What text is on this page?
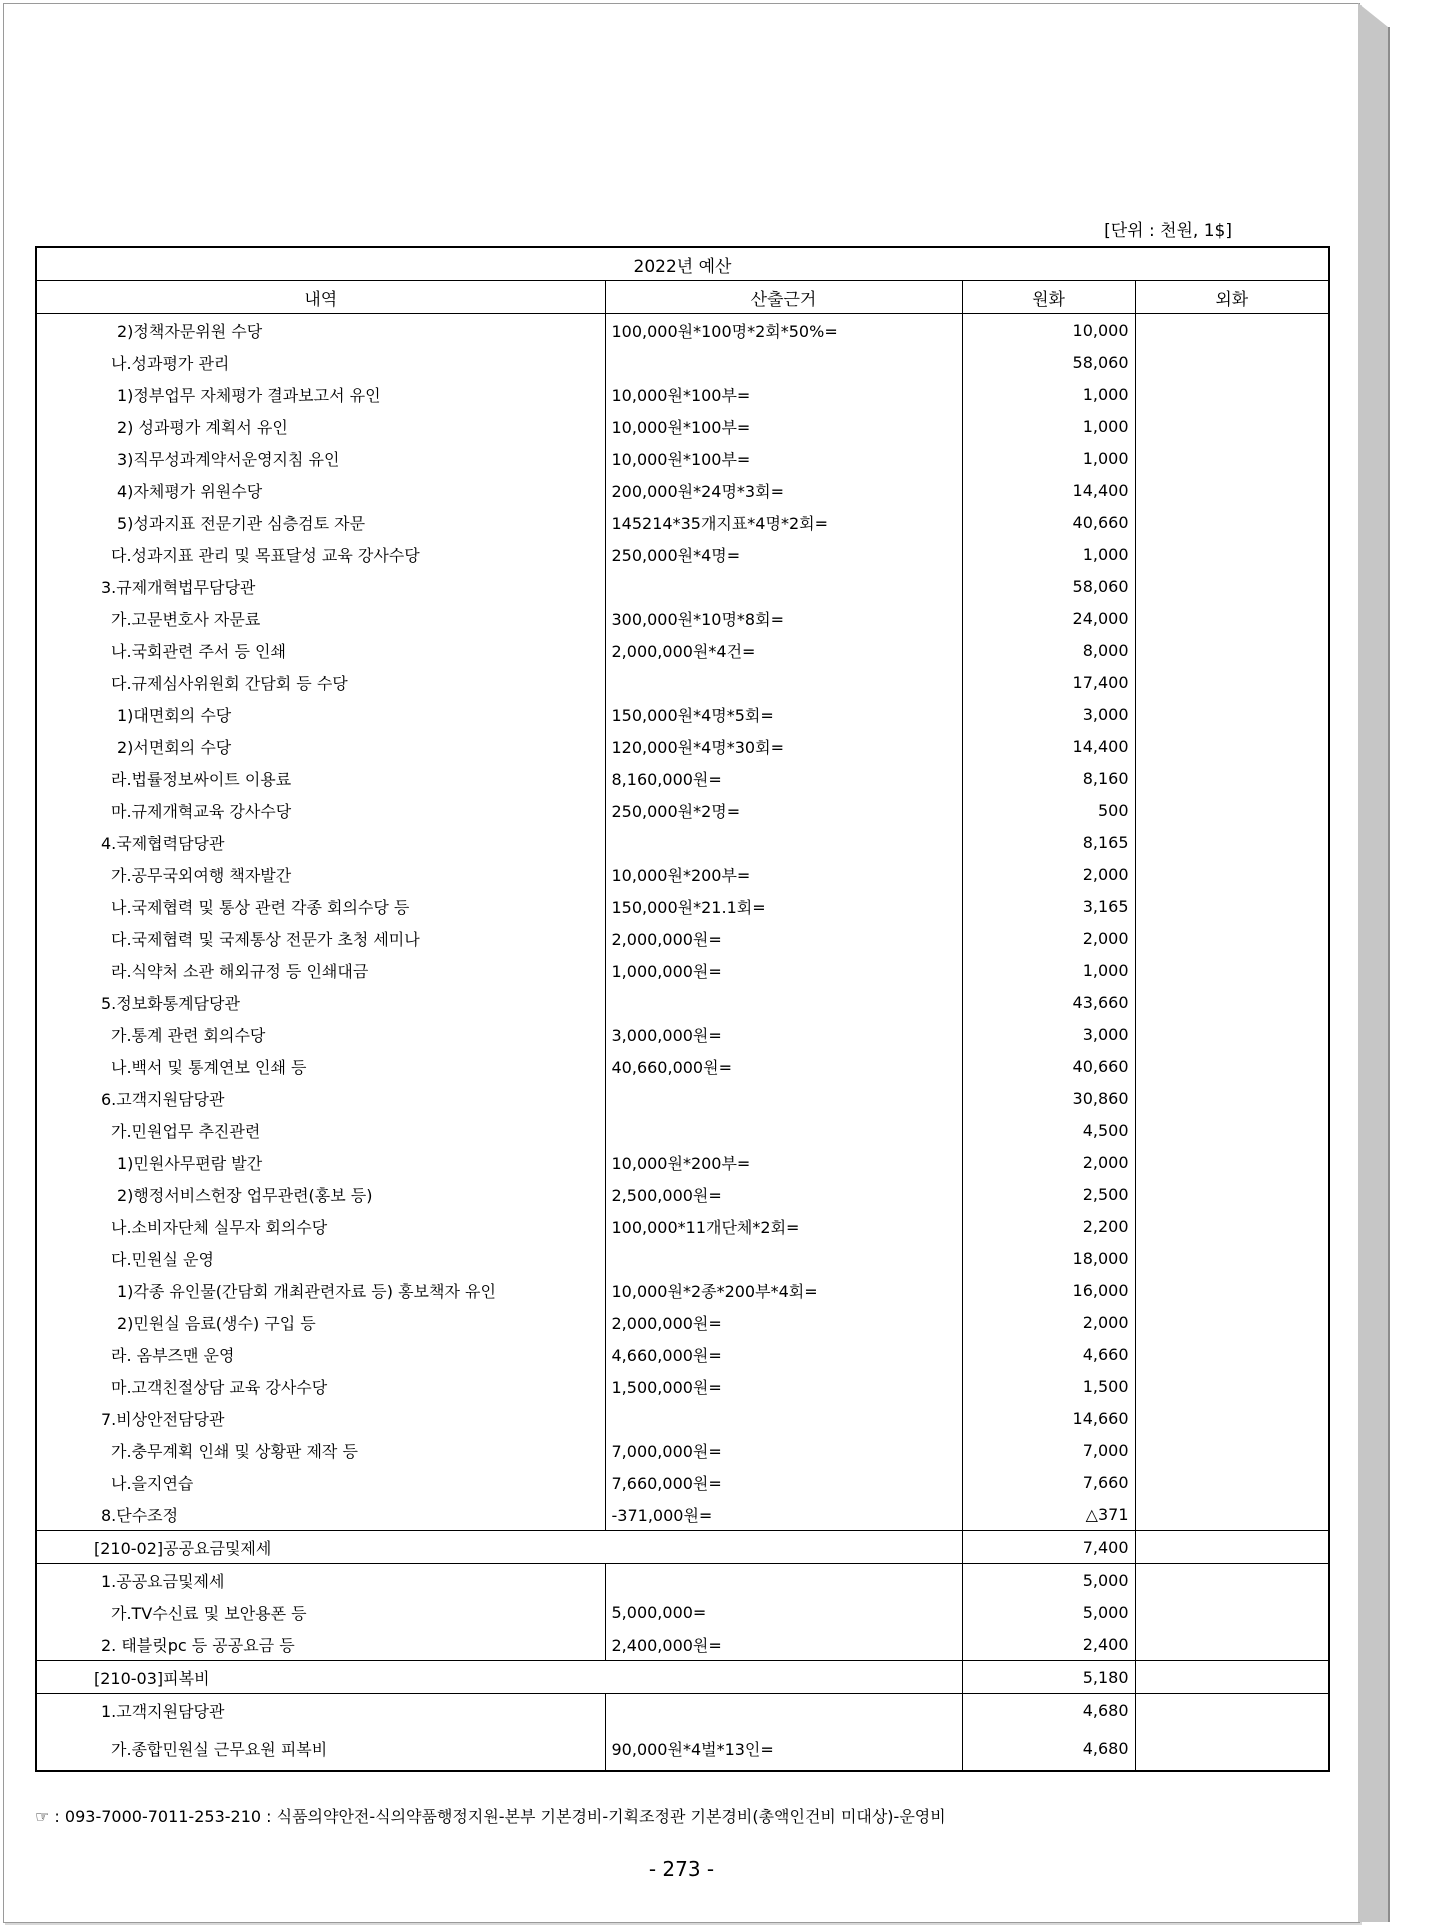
[단위 : 천원, 1$]
2022년 예산			
내역	산출근거	원화	외화
2)정책자문위원 수당	100,000원*100명*2회*50%=	10,000	
나.성과평가 관리		58,060	
1)정부업무 자체평가 결과보고서 유인	10,000원*100부=	1,000	
2) 성과평가 계획서 유인	10,000원*100부=	1,000	
3)직무성과계약서운영지침 유인	10,000원*100부=	1,000	
4)자체평가 위원수당	200,000원*24명*3회=	14,400	
5)성과지표 전문기관 심층검토 자문	145214*35개지표*4명*2회=	40,660	
다.성과지표 관리 및 목표달성 교육 강사수당	250,000원*4명=	1,000	
3.규제개혁법무담당관		58,060	
가.고문변호사 자문료	300,000원*10명*8회=	24,000	
나.국회관련 주서 등 인쇄	2,000,000원*4건=	8,000	
다.규제심사위원회 간담회 등 수당		17,400	
1)대면회의 수당	150,000원*4명*5회=	3,000	
2)서면회의 수당	120,000원*4명*30회=	14,400	
라.법률정보싸이트 이용료	8,160,000원=	8,160	
마.규제개혁교육 강사수당	250,000원*2명=	500	
4.국제협력담당관		8,165	
가.공무국외여행 책자발간	10,000원*200부=	2,000	
나.국제협력 및 통상 관련 각종 회의수당 등	150,000원*21.1회=	3,165	
다.국제협력 및 국제통상 전문가 초청 세미나	2,000,000원=	2,000	
라.식약처 소관 해외규정 등 인쇄대금	1,000,000원=	1,000	
5.정보화통계담당관		43,660	
가.통계 관련 회의수당	3,000,000원=	3,000	
나.백서 및 통계연보 인쇄 등	40,660,000원=	40,660	
6.고객지원담당관		30,860	
가.민원업무 추진관련		4,500	
1)민원사무편람 발간	10,000원*200부=	2,000	
2)행정서비스헌장 업무관련(홍보 등)	2,500,000원=	2,500	
나.소비자단체 실무자 회의수당	100,000*11개단체*2회=	2,200	
다.민원실 운영		18,000	
1)각종 유인물(간담회 개최관련자료 등) 홍보책자 유인	10,000원*2종*200부*4회=	16,000	
2)민원실 음료(생수) 구입 등	2,000,000원=	2,000	
라. 옴부즈맨 운영	4,660,000원=	4,660	
마.고객친절상담 교육 강사수당	1,500,000원=	1,500	
7.비상안전담당관		14,660	
가.충무계획 인쇄 및 상황판 제작 등	7,000,000원=	7,000	
나.을지연습	7,660,000원=	7,660	
8.단수조정	-371,000원=	△371	
[210-02]공공요금및제세		7,400	
1.공공요금및제세		5,000	
가.TV수신료 및 보안용폰 등	5,000,000=	5,000	
2. 태블릿pc 등 공공요금 등	2,400,000원=	2,400	
[210-03]피복비		5,180	
1.고객지원담당관		4,680	
가.종합민원실 근무요원 피복비	90,000원*4벌*13인=	4,680	
☞ : 093-7000-7011-253-210 : 식품의약안전-식의약품행정지원-본부 기본경비-기획조정관 기본경비(총액인건비 미대상)-운영비
- 273 -
